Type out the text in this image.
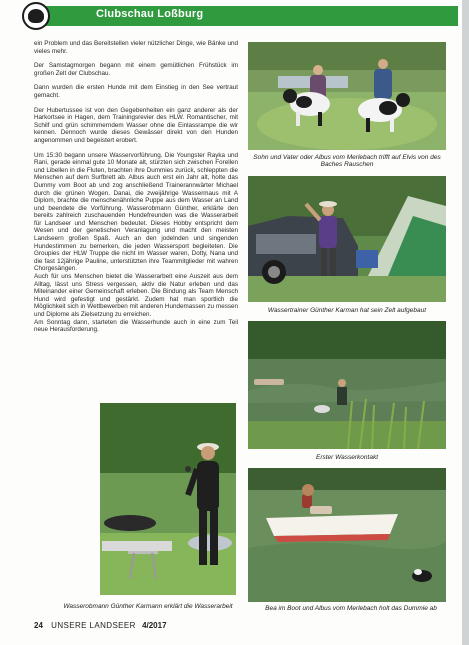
Clubschau Loßburg

ein Problem und das Bereitstellen vieler nützlicher Dinge, wie Bänke und vieles mehr.

Der Samstagmorgen begann mit einem gemütlichen Frühstück im großen Zelt der Clubschau.

Dann wurden die ersten Hunde mit dem Einstieg in den See vertraut gemacht.

Der Hubertussee ist von den Gegebenheiten ein ganz anderer als der Harkortsee in Hagen, dem Trainingsrevier des HLW. Romantischer, mit Schilf und grün schimmerndem Wasser ohne die Einlassrampe die wir kennen. Dennoch wurde dieses Gewässer direkt von den Hunden angenommen und begeistert erobert.

Um 15:30 begann unsere Wasservorführung. Die Youngster Rayka und Rani, gerade einmal gute 10 Monate alt, stürzten sich zwischen Forellen und Libellen in die Fluten, brachten ihre Dummies zurück, schleppten die Menschen auf dem Surfbrett ab. Albus auch erst ein Jahr alt, holte das Dummy vom Boot ab und zog anschließend Trainerannwärter Michael durch die grünen Wogen. Danai, die zweijährige Wassermaus mit A Diplom, brachte die menschenähnliche Puppe aus dem Wasser an Land und beendete die Vorführung. Wasserobmann Günther, erklärte den bereits zahlreich zuschauenden Hundefreunden was die Wasserarbeit für Landseer und Menschen bedeutet. Dieses Hobby entspricht dem Wesen und der genetischen Veranlagung und macht den meisten Landseern großen Spaß. Auch an den jodelnden und singenden Hundestimmen zu bemerken, die jeden Wassersport begleiteten. Die Groupies der HLW Truppe die nicht im Wasser waren, Dotty, Nana und die fast 12jährige Pauline, unterstützten ihre Teammitglieder mit wahren Chorgesängen.

Auch für uns Menschen bietet die Wasserarbeit eine Auszeit aus dem Alltag, lässt uns Stress vergessen, aktiv die Natur erleben und das Miteinander einer Gemeinschaft erleben. Die Bindung als Team Mensch Hund wird gefestigt und gestärkt. Zudem hat man sportlich die Möglichkeit sich in Wettbewerben mit anderen Hundemassen zu messen und Diplome als Zielsetzung zu erreichen.

Am Sonntag dann, starteten die Wasserhunde auch in eine zum Teil neue Herausforderung.

Sohn und Vater oder Albus vom Merlebach trifft auf Elvis von des Baches Rauschen
Wassertrainer Günther Karman hat sein Zelt aufgebaut
Erster Wasserkontakt
Wasserobmann Günther Karmann erklärt die Wasserarbeit	Bea im Boot und Albus vom Merlebach holt das Dummie ab
24 UNSERE LANDSEER 4/2017
